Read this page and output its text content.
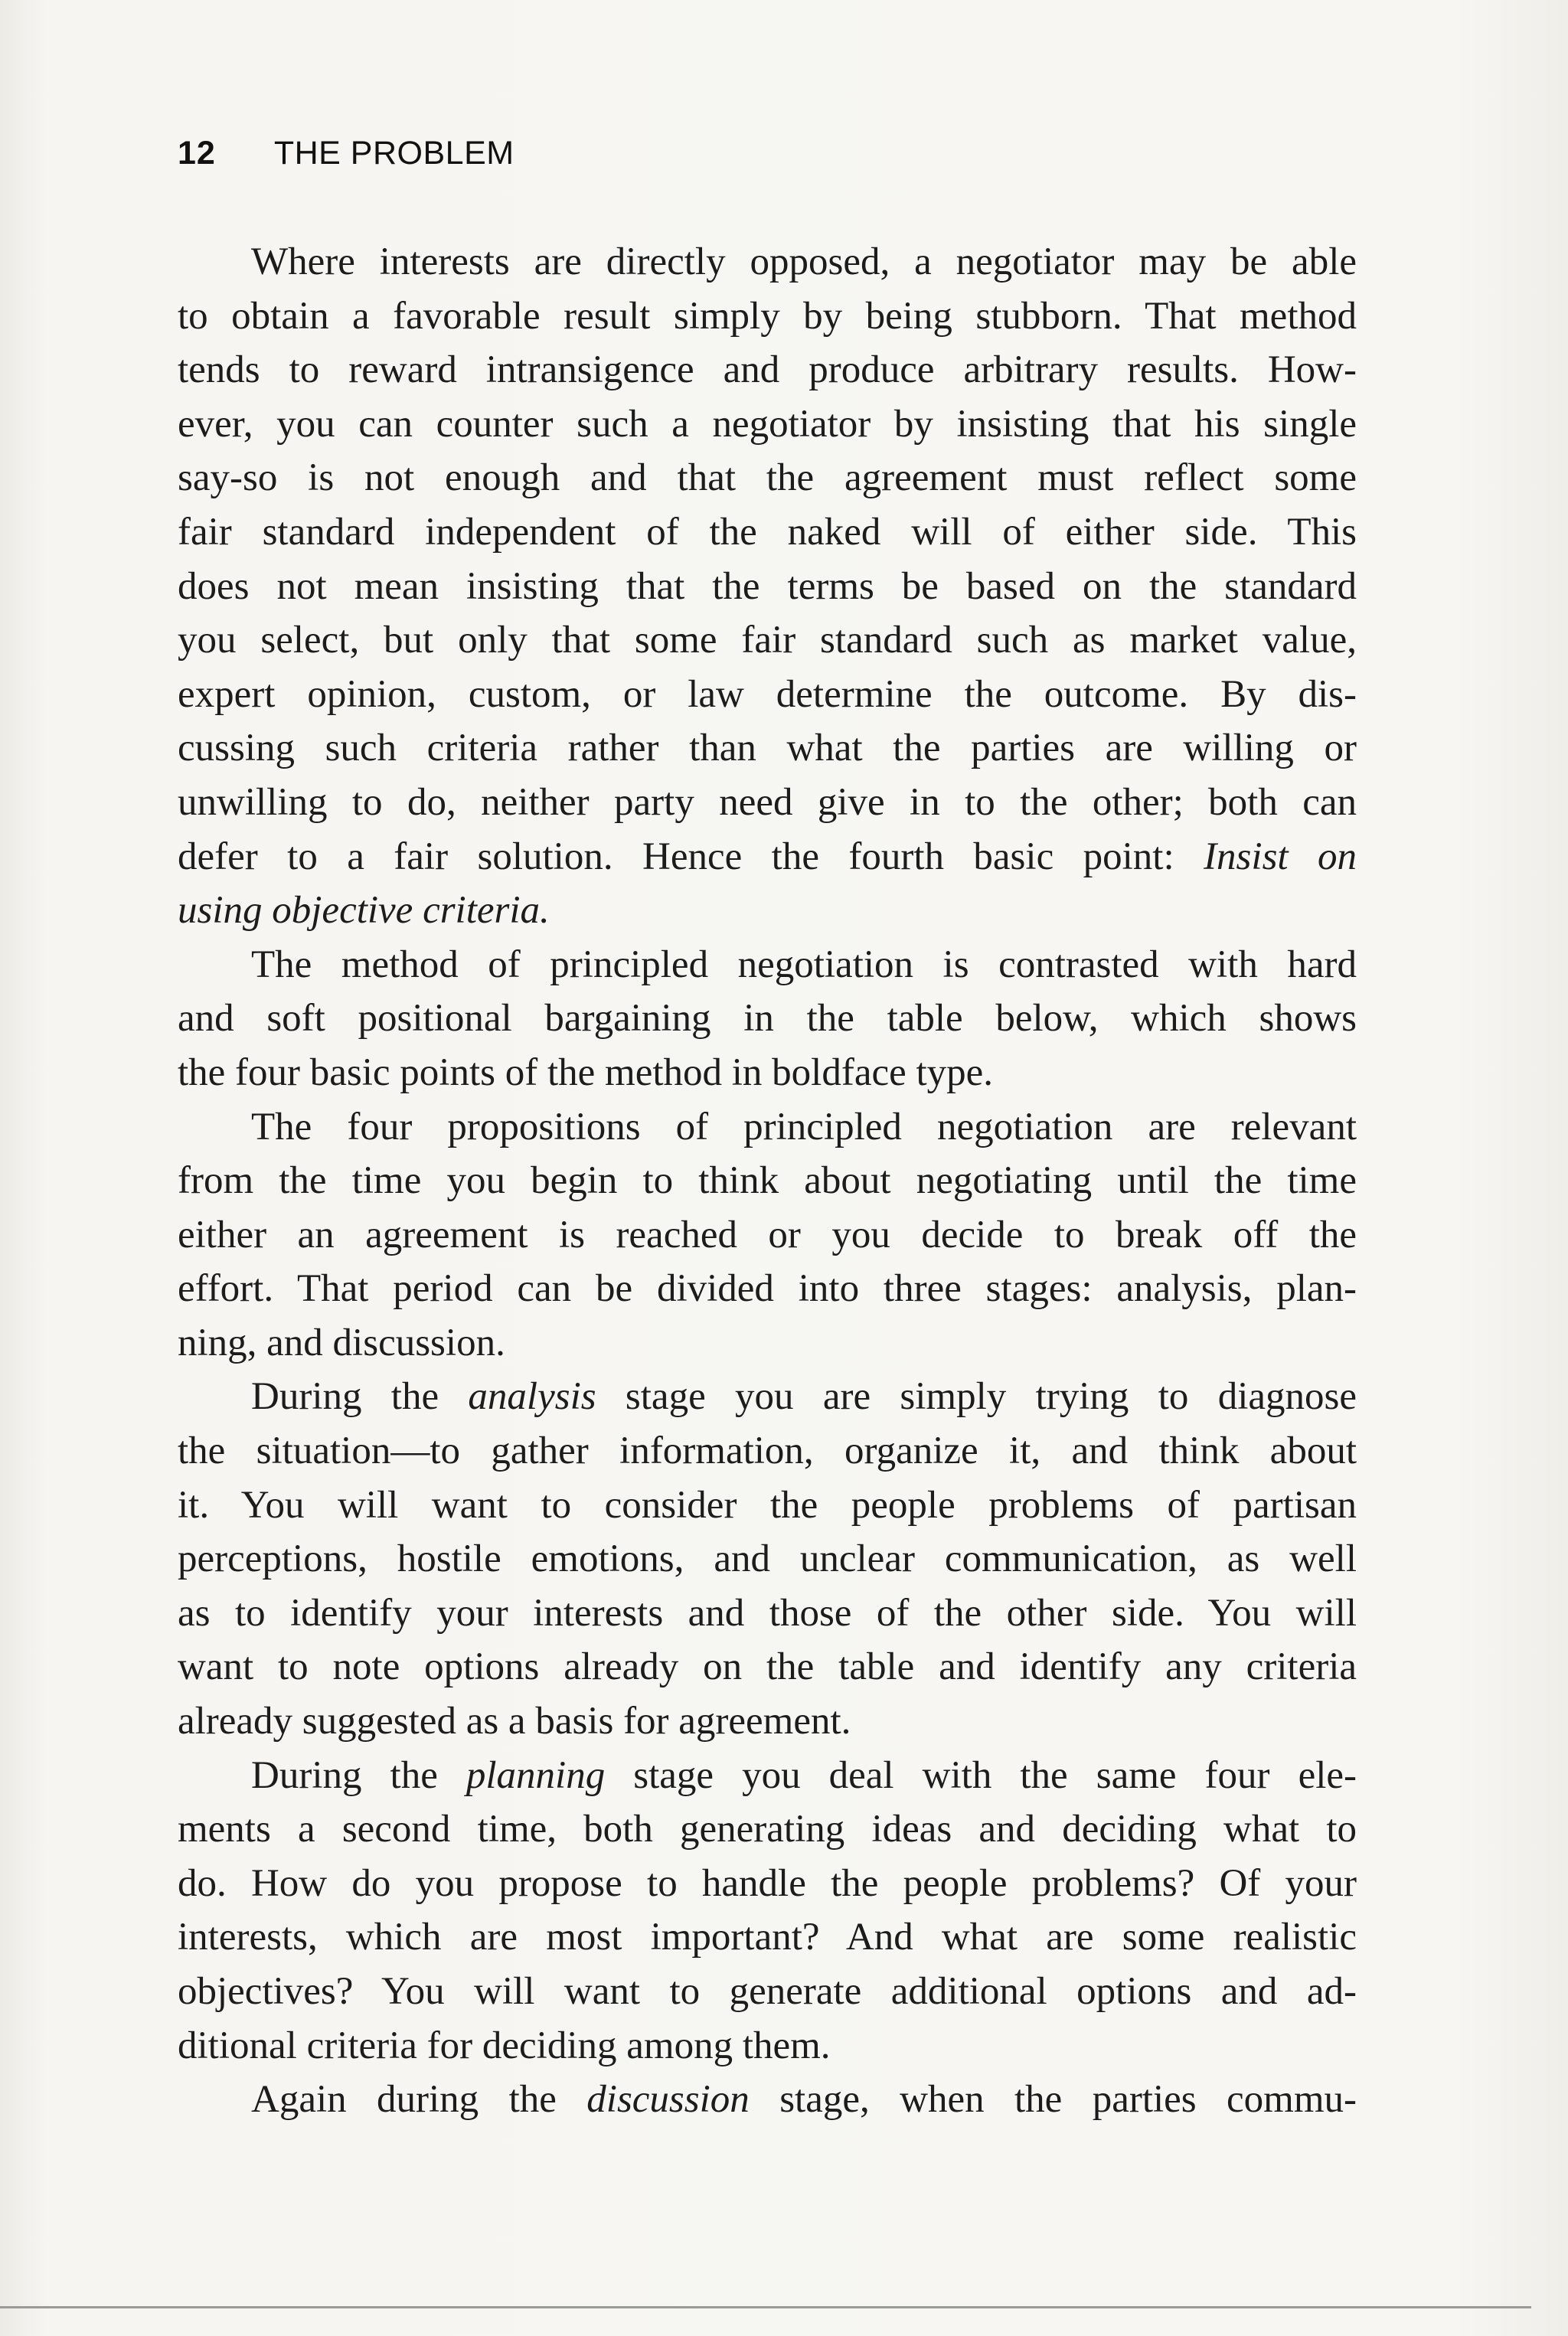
12 THE PROBLEM
Where interests are directly opposed, a negotiator may be able
to obtain a favorable result simply by being stubborn. That method
tends to reward intransigence and produce arbitrary results. How-
ever, you can counter such a negotiator by insisting that his single
say-so is not enough and that the agreement must reflect some
fair standard independent of the naked will of either side. This
does not mean insisting that the terms be based on the standard
you select, but only that some fair standard such as market value,
expert opinion, custom, or law determine the outcome. By dis-
cussing such criteria rather than what the parties are willing or
unwilling to do, neither party need give in to the other; both can
defer to a fair solution. Hence the fourth basic point: Insist on
using objective criteria.
The method of principled negotiation is contrasted with hard
and soft positional bargaining in the table below, which shows
the four basic points of the method in boldface type.
The four propositions of principled negotiation are relevant
from the time you begin to think about negotiating until the time
either an agreement is reached or you decide to break off the
effort. That period can be divided into three stages: analysis, plan-
ning, and discussion.
During the analysis stage you are simply trying to diagnose
the situation—to gather information, organize it, and think about
it. You will want to consider the people problems of partisan
perceptions, hostile emotions, and unclear communication, as well
as to identify your interests and those of the other side. You will
want to note options already on the table and identify any criteria
already suggested as a basis for agreement.
During the planning stage you deal with the same four ele-
ments a second time, both generating ideas and deciding what to
do. How do you propose to handle the people problems? Of your
interests, which are most important? And what are some realistic
objectives? You will want to generate additional options and ad-
ditional criteria for deciding among them.
Again during the discussion stage, when the parties commu-
